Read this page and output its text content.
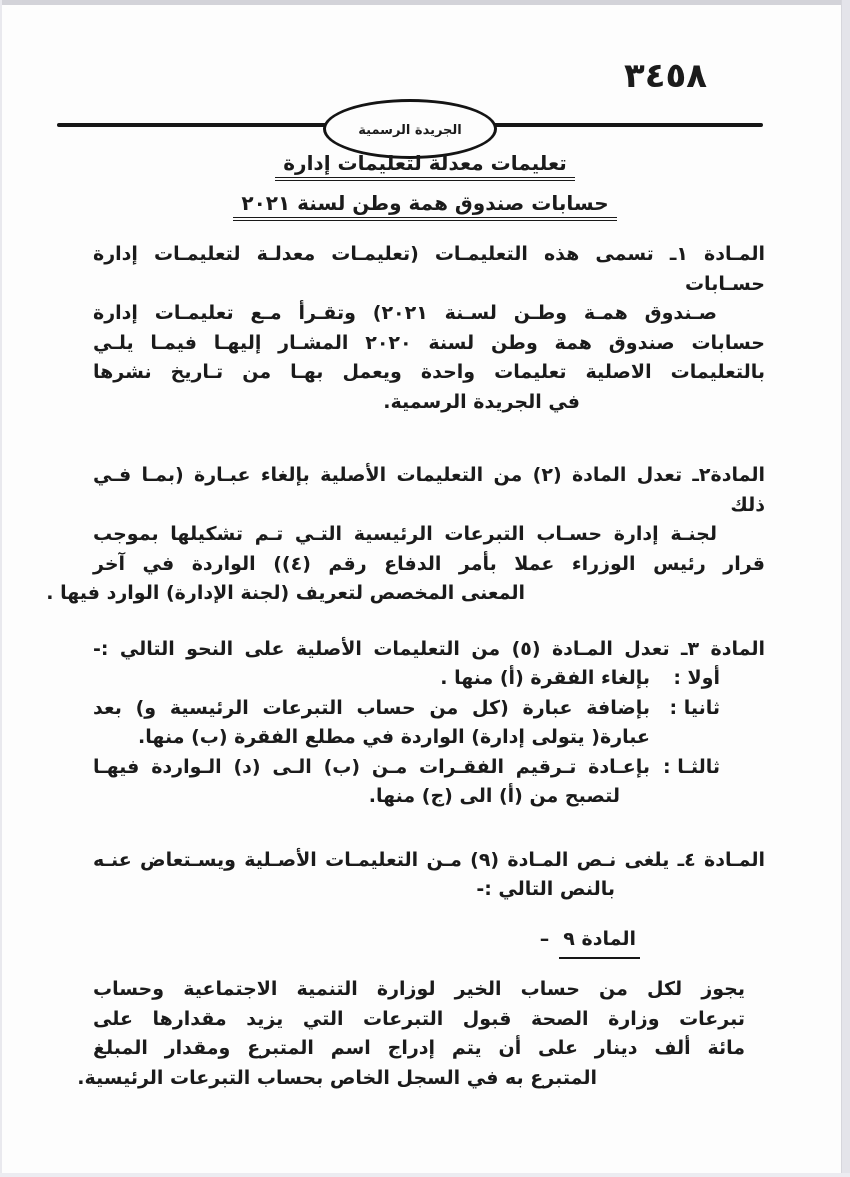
٣٤٥٨
الجريدة الرسمية
تعليمات معدلة لتعليمات إدارة
حسابات صندوق همة وطن لسنة ٢٠٢١
المـادة ١ـ تسمى هذه التعليمـات (تعليمـات معدلـة لتعليمـات إدارة حسـابات
صـندوق همـة وطـن لسـنة ٢٠٢١) وتقـرأ مـع تعليمـات إدارة
حسابات صندوق همة وطن لسنة ٢٠٢٠ المشـار إليهـا فيمـا يلـي
بالتعليمات الاصلية تعليمات واحدة ويعمل بهـا من تـاريخ نشرها
في الجريدة الرسمية.
المادة٢ـ تعدل المادة (٢) من التعليمات الأصلية بإلغاء عبـارة (بمـا فـي ذلك
لجنـة إدارة حسـاب التبرعات الرئيسية التـي تـم تشكيلها بموجب
قرار رئيس الوزراء عملا بأمر الدفاع رقم (٤)) الواردة في آخر
المعنى المخصص لتعريف (لجنة الإدارة) الوارد فيها .
المادة ٣ـ تعدل المـادة (٥) من التعليمات الأصلية على النحو التالي :-
أولا :
بإلغاء الفقرة (أ) منها .
ثانيا :
بإضافة عبارة (كل من حساب التبرعات الرئيسية و) بعد
عبارة( يتولى إدارة) الواردة في مطلع الفقرة (ب) منها.
ثالثـا :
بإعـادة تـرقيم الفقـرات مـن (ب) الـى (د) الـواردة فيهـا
لتصبح من (أ) الى (ج) منها.
المـادة ٤ـ يلغى نـص المـادة (٩) مـن التعليمـات الأصـلية ويسـتعاض عنـه
بالنص التالي :-
المادة ٩–
يجوز لكل من حساب الخير لوزارة التنمية الاجتماعية وحساب
تبرعات وزارة الصحة قبول التبرعات التي يزيد مقدارها على
مائة ألف دينار على أن يتم إدراج اسم المتبرع ومقدار المبلغ
المتبرع به في السجل الخاص بحساب التبرعات الرئيسية.
